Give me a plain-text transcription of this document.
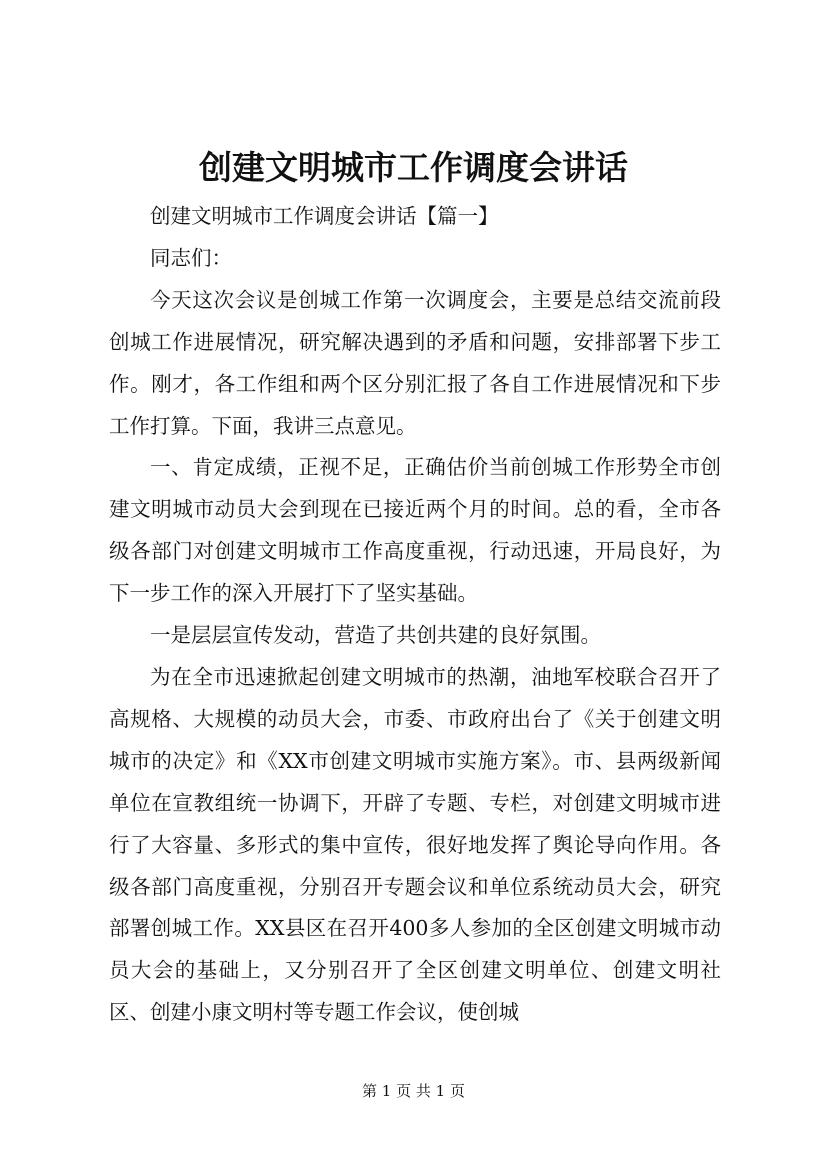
创建文明城市工作调度会讲话

创建文明城市工作调度会讲话【篇一】

同志们：

今天这次会议是创城工作第一次调度会，主要是总结交流前段创城工作进展情况，研究解决遇到的矛盾和问题，安排部署下步工作。刚才，各工作组和两个区分别汇报了各自工作进展情况和下步工作打算。下面，我讲三点意见。

一、肯定成绩，正视不足，正确估价当前创城工作形势全市创建文明城市动员大会到现在已接近两个月的时间。总的看，全市各级各部门对创建文明城市工作高度重视，行动迅速，开局良好，为下一步工作的深入开展打下了坚实基础。

一是层层宣传发动，营造了共创共建的良好氛围。

为在全市迅速掀起创建文明城市的热潮，油地军校联合召开了高规格、大规模的动员大会，市委、市政府出台了《关于创建文明城市的决定》和《XX市创建文明城市实施方案》。市、县两级新闻单位在宣教组统一协调下，开辟了专题、专栏，对创建文明城市进行了大容量、多形式的集中宣传，很好地发挥了舆论导向作用。各级各部门高度重视，分别召开专题会议和单位系统动员大会，研究部署创城工作。XX县区在召开400多人参加的全区创建文明城市动员大会的基础上，又分别召开了全区创建文明单位、创建文明社区、创建小康文明村等专题工作会议，使创城

第 1 页 共 1 页
